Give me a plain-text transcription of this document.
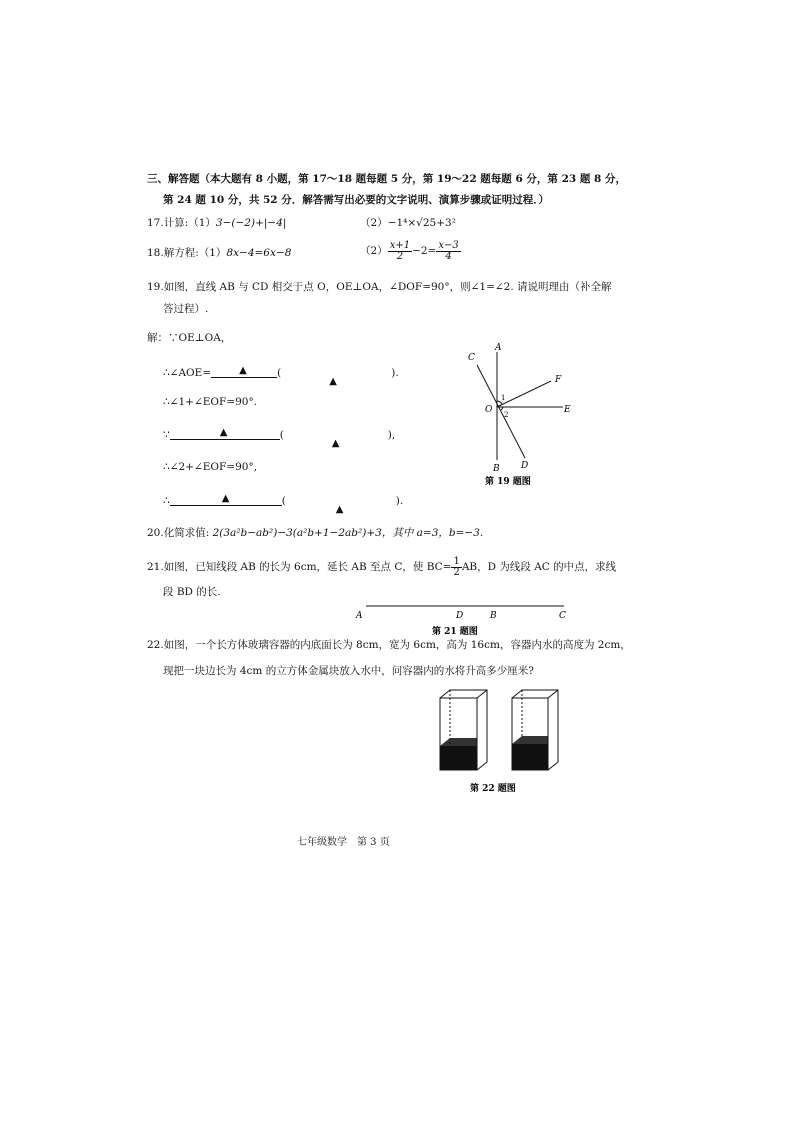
三、解答题（本大题有 8 小题，第 17～18 题每题 5 分，第 19～22 题每题 6 分，第 23 题 8 分，
第 24 题 10 分，共 52 分．解答需写出必要的文字说明、演算步骤或证明过程．）
17.计算:（1）3−(−2)+|−4|	（2）−1⁴×√25+3²
18.解方程:（1）8x−4=6x−8	$(2) \frac{x+1}{2} -2= \frac{x-3}{4}$
19.如图，直线 AB 与 CD 相交于点 O，OE⊥OA，∠DOF=90°，则∠1=∠2. 请说明理由（补全解
答过程）.
解：∵OE⊥OA，
∴∠AOE=	▲	(
▲
).
∴∠1+∠EOF=90°.
∵	▲	(
▲
),
∴∠2+∠EOF=90°,
∴	▲	(
▲
).
A
C
F
E
O
1
2
B D
第 19 题图
20.化简求值: 2(3a²b−ab²)−3(a²b+1−2ab²)+3，其中 a=3，b=−3.
21.如图，已知线段 AB 的长为 6cm，延长 AB 至点 C，使 $BC= \frac{1}{2}$ AB，D 为线段 AC 的中点，求线
段 BD 的长.
A	D	B	C
第 21 题图
22.如图，一个长方体玻璃容器的内底面长为 8cm，宽为 6cm，高为 16cm，容器内水的高度为 2cm，
现把一块边长为 4cm 的立方体金属块放入水中，问容器内的水将升高多少厘米?
第 22 题图
七年级数学　第 3 页
